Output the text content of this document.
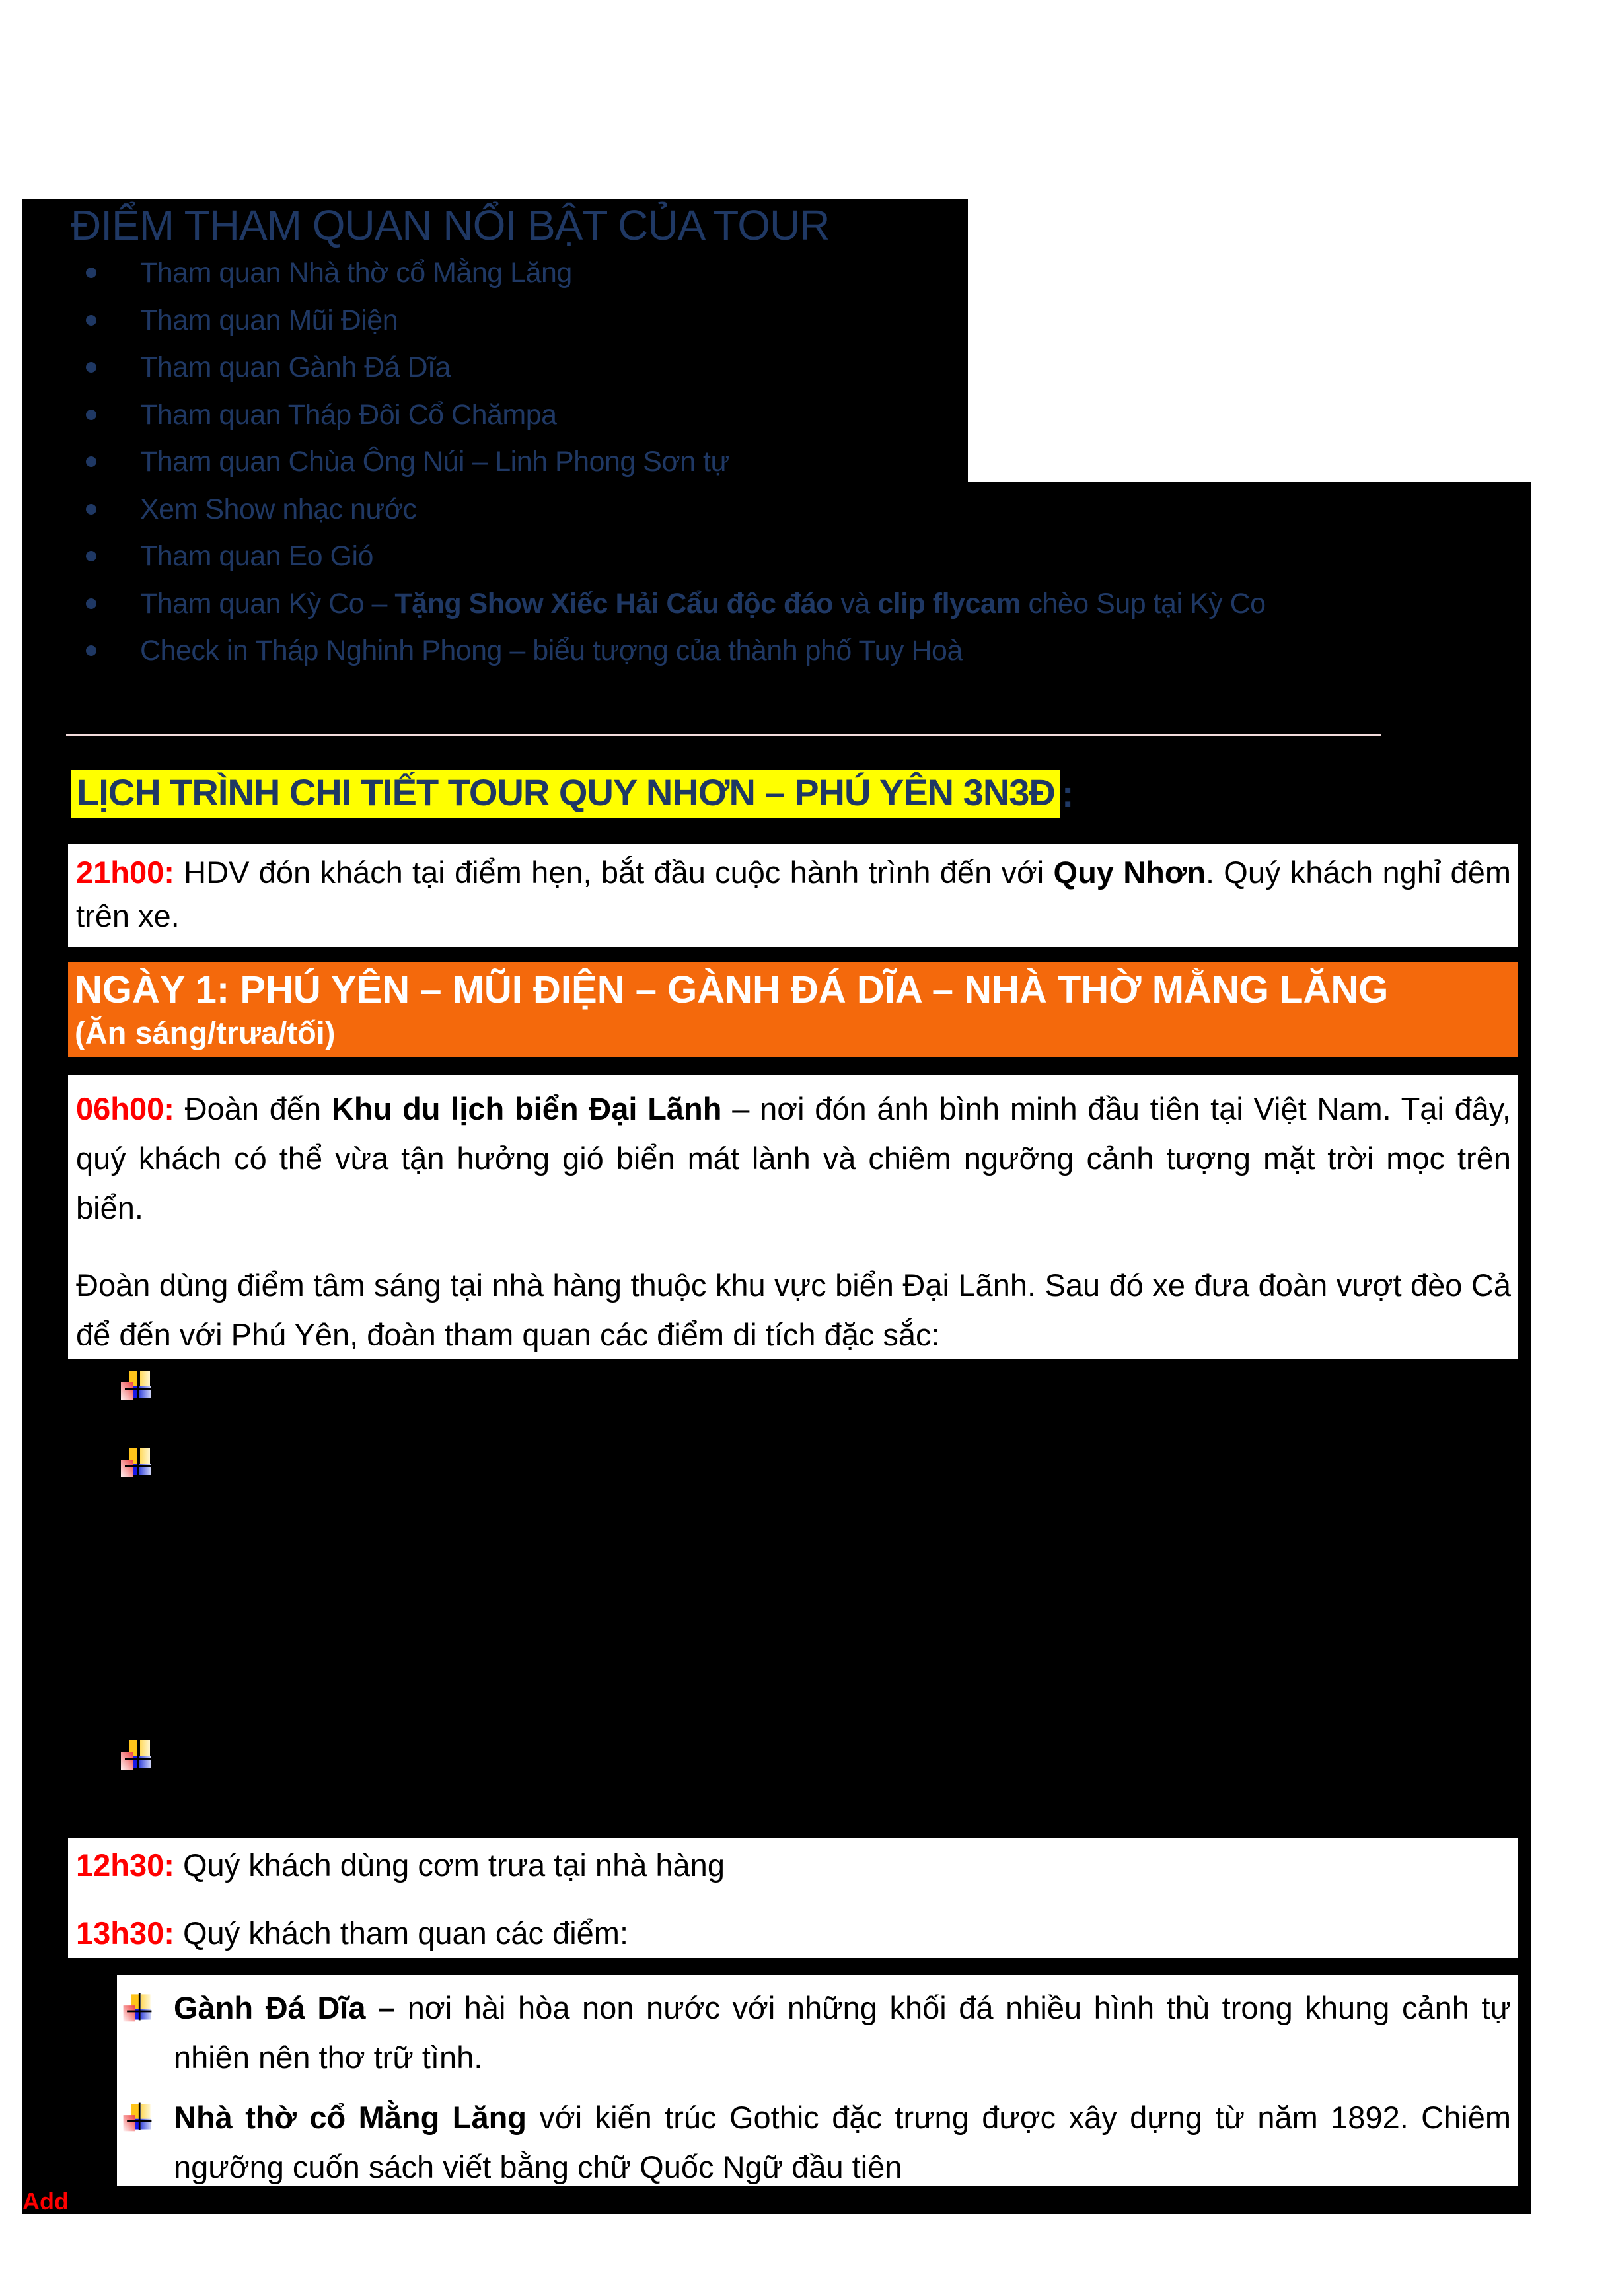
ĐIỂM THAM QUAN NỔI BẬT CỦA TOUR
Tham quan Nhà thờ cổ Mằng Lăng
Tham quan Mũi Điện
Tham quan Gành Đá Dĩa
Tham quan Tháp Đôi Cổ Chămpa
Tham quan Chùa Ông Núi – Linh Phong Sơn tự
Xem Show nhạc nước
Tham quan Eo Gió
Tham quan Kỳ Co – Tặng Show Xiếc Hải Cẩu độc đáo và clip flycam chèo Sup tại Kỳ Co
Check in Tháp Nghinh Phong – biểu tượng của thành phố Tuy Hoà
LỊCH TRÌNH CHI TIẾT TOUR QUY NHƠN – PHÚ YÊN 3N3Đ :
21h00: HDV đón khách tại điểm hẹn, bắt đầu cuộc hành trình đến với Quy Nhơn. Quý khách nghỉ đêm trên xe.
NGÀY 1: PHÚ YÊN – MŨI ĐIỆN – GÀNH ĐÁ DĨA – NHÀ THỜ MẰNG LĂNG
(Ăn sáng/trưa/tối)
06h00: Đoàn đến Khu du lịch biển Đại Lãnh – nơi đón ánh bình minh đầu tiên tại Việt Nam. Tại đây, quý khách có thể vừa tận hưởng gió biển mát lành và chiêm ngưỡng cảnh tượng mặt trời mọc trên biển.
Đoàn dùng điểm tâm sáng tại nhà hàng thuộc khu vực biển Đại Lãnh. Sau đó xe đưa đoàn vượt đèo Cả để đến với Phú Yên, đoàn tham quan các điểm di tích đặc sắc:
12h30: Quý khách dùng cơm trưa tại nhà hàng
13h30: Quý khách tham quan các điểm:
Gành Đá Dĩa – nơi hài hòa non nước với những khối đá nhiều hình thù trong khung cảnh tự nhiên nên thơ trữ tình.
Nhà thờ cổ Mằng Lăng với kiến trúc Gothic đặc trưng được xây dựng từ năm 1892. Chiêm ngưỡng cuốn sách viết bằng chữ Quốc Ngữ đầu tiên
Add
